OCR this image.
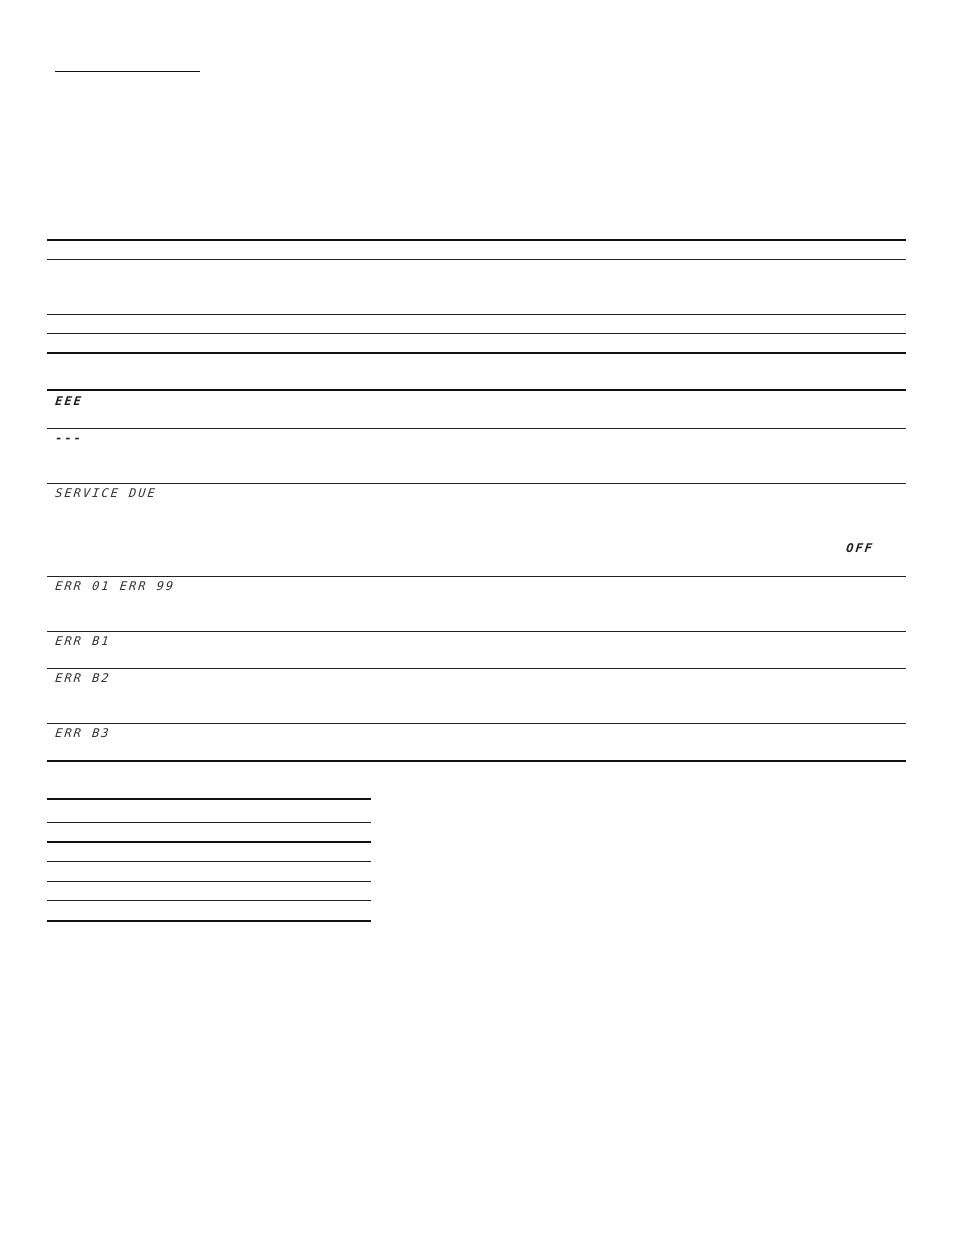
EEE
---
SERVICE DUE
ERR 01 ERR 99
ERR B1
ERR B2
ERR B3
OFF
